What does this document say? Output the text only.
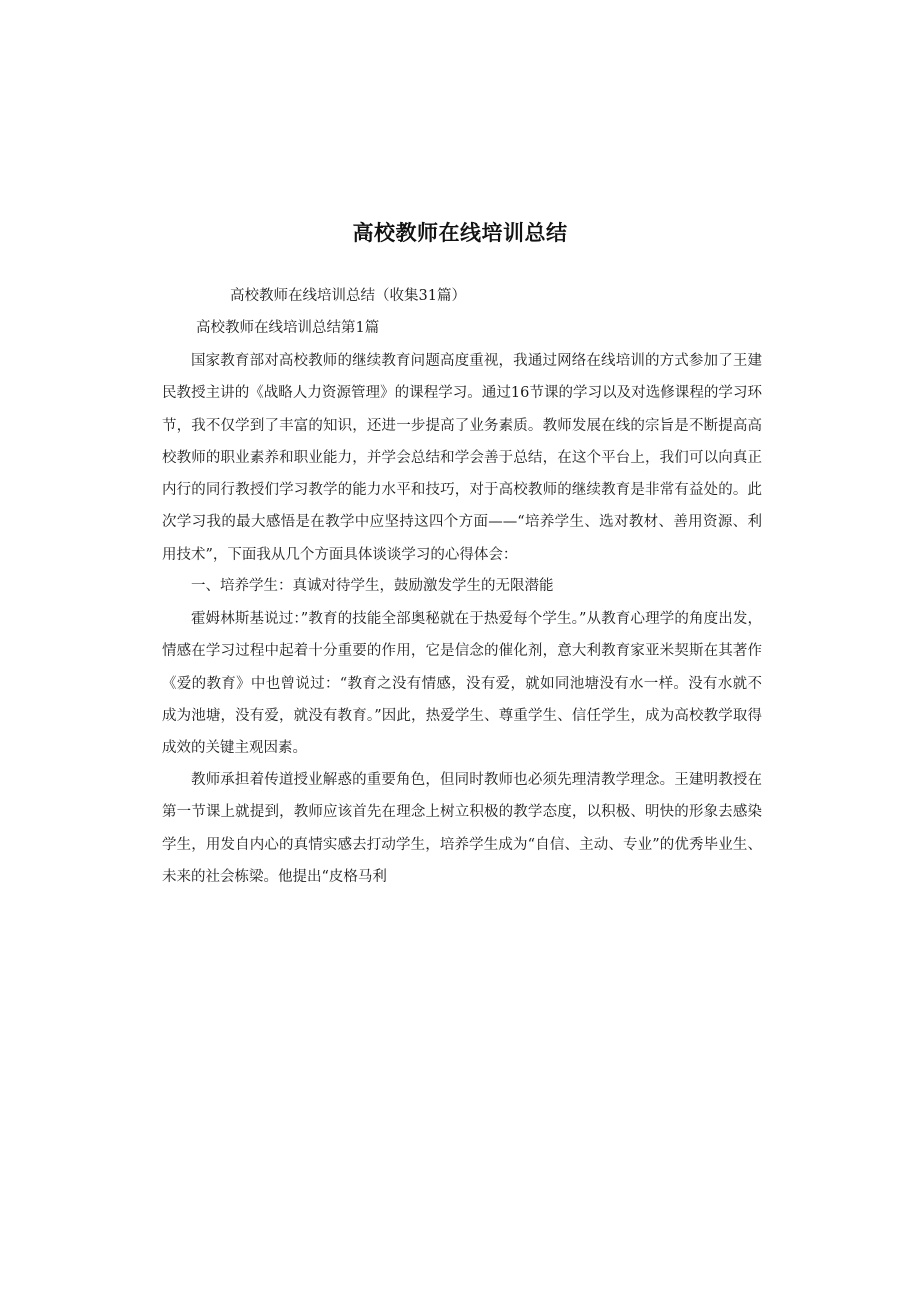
高校教师在线培训总结

高校教师在线培训总结（收集31篇）

高校教师在线培训总结第1篇

国家教育部对高校教师的继续教育问题高度重视，我通过网络在线培训的方式参加了王建民教授主讲的《战略人力资源管理》的课程学习。通过16节课的学习以及对选修课程的学习环节，我不仅学到了丰富的知识，还进一步提高了业务素质。教师发展在线的宗旨是不断提高高校教师的职业素养和职业能力，并学会总结和学会善于总结，在这个平台上，我们可以向真正内行的同行教授们学习教学的能力水平和技巧，对于高校教师的继续教育是非常有益处的。此次学习我的最大感悟是在教学中应坚持这四个方面——“培养学生、选对教材、善用资源、利用技术”，下面我从几个方面具体谈谈学习的心得体会：

一、培养学生：真诚对待学生，鼓励激发学生的无限潜能

霍姆林斯基说过：”教育的技能全部奥秘就在于热爱每个学生。”从教育心理学的角度出发，情感在学习过程中起着十分重要的作用，它是信念的催化剂，意大利教育家亚米契斯在其著作《爱的教育》中也曾说过：“教育之没有情感，没有爱，就如同池塘没有水一样。没有水就不成为池塘，没有爱，就没有教育。”因此，热爱学生、尊重学生、信任学生，成为高校教学取得成效的关键主观因素。

教师承担着传道授业解惑的重要角色，但同时教师也必须先理清教学理念。王建明教授在第一节课上就提到，教师应该首先在理念上树立积极的教学态度，以积极、明快的形象去感染学生，用发自内心的真情实感去打动学生，培养学生成为“自信、主动、专业”的优秀毕业生、未来的社会栋梁。他提出“皮格马利
